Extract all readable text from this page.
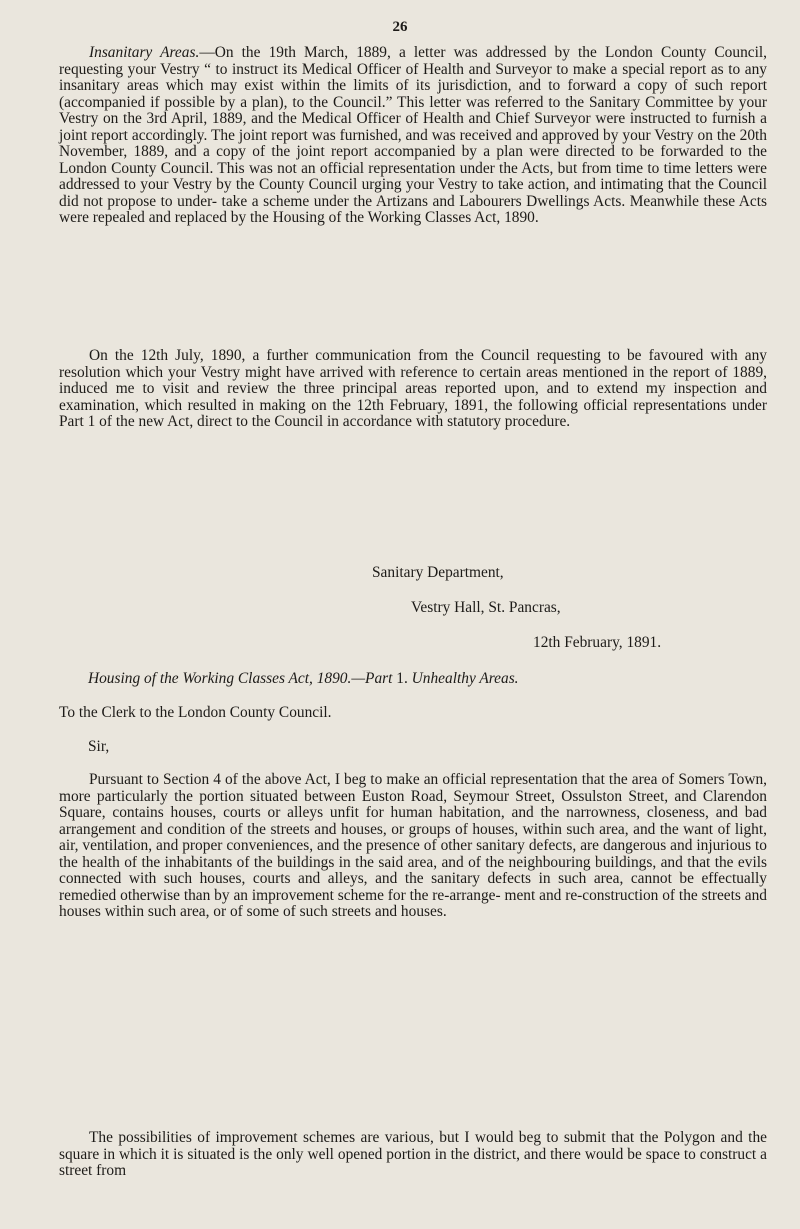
26

Insanitary Areas.—On the 19th March, 1889, a letter was addressed by the London County Council, requesting your Vestry “ to instruct its Medical Officer of Health and Surveyor to make a special report as to any insanitary areas which may exist within the limits of its jurisdiction, and to forward a copy of such report (accompanied if possible by a plan), to the Council.” This letter was referred to the Sanitary Committee by your Vestry on the 3rd April, 1889, and the Medical Officer of Health and Chief Surveyor were instructed to furnish a joint report accordingly. The joint report was furnished, and was received and approved by your Vestry on the 20th November, 1889, and a copy of the joint report accompanied by a plan were directed to be forwarded to the London County Council. This was not an official representation under the Acts, but from time to time letters were addressed to your Vestry by the County Council urging your Vestry to take action, and intimating that the Council did not propose to under- take a scheme under the Artizans and Labourers Dwellings Acts. Meanwhile these Acts were repealed and replaced by the Housing of the Working Classes Act, 1890.

On the 12th July, 1890, a further communication from the Council requesting to be favoured with any resolution which your Vestry might have arrived with reference to certain areas mentioned in the report of 1889, induced me to visit and review the three principal areas reported upon, and to extend my inspection and examination, which resulted in making on the 12th February, 1891, the following official representations under Part 1 of the new Act, direct to the Council in accordance with statutory procedure.

Sanitary Department,

Vestry Hall, St. Pancras,

12th February, 1891.

Housing of the Working Classes Act, 1890.—Part 1. Unhealthy Areas.

To the Clerk to the London County Council.

Sir,

Pursuant to Section 4 of the above Act, I beg to make an official representation that the area of Somers Town, more particularly the portion situated between Euston Road, Seymour Street, Ossulston Street, and Clarendon Square, contains houses, courts or alleys unfit for human habitation, and the narrowness, closeness, and bad arrangement and condition of the streets and houses, or groups of houses, within such area, and the want of light, air, ventilation, and proper conveniences, and the presence of other sanitary defects, are dangerous and injurious to the health of the inhabitants of the buildings in the said area, and of the neighbouring buildings, and that the evils connected with such houses, courts and alleys, and the sanitary defects in such area, cannot be effectually remedied otherwise than by an improvement scheme for the re-arrange- ment and re-construction of the streets and houses within such area, or of some of such streets and houses.

The possibilities of improvement schemes are various, but I would beg to submit that the Polygon and the square in which it is situated is the only well opened portion in the district, and there would be space to construct a street from
